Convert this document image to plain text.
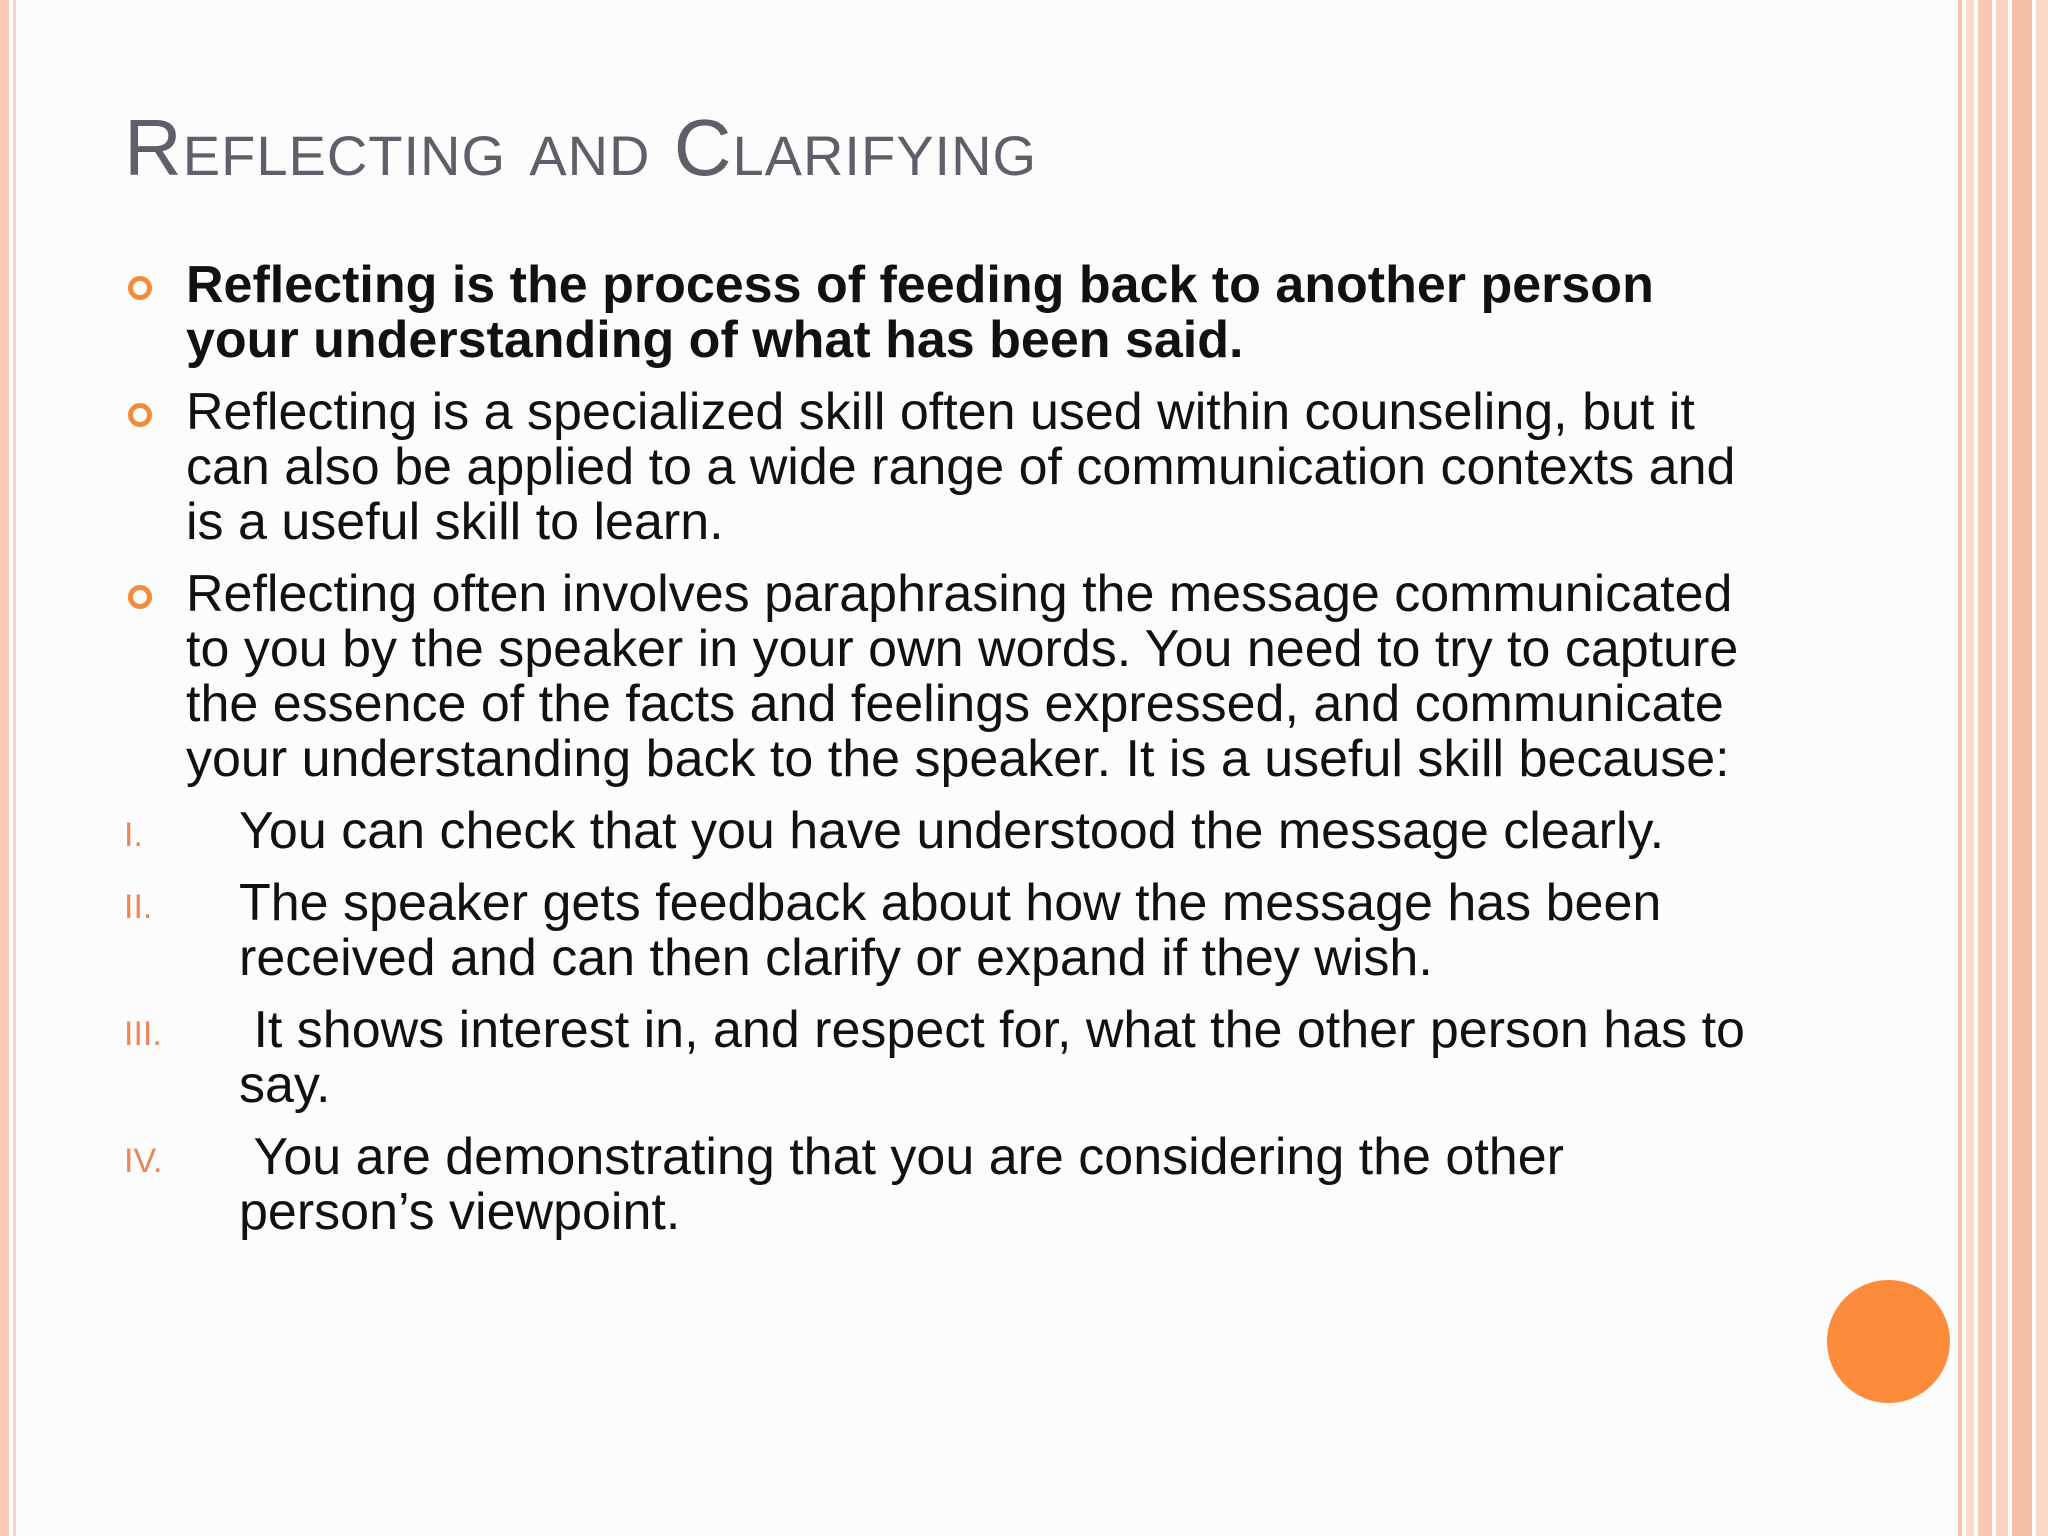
Reflecting and Clarifying
Reflecting is the process of feeding back to another person your understanding of what has been said.
Reflecting is a specialized skill often used within counseling, but it can also be applied to a wide range of communication contexts and is a useful skill to learn.
Reflecting often involves paraphrasing the message communicated to you by the speaker in your own words. You need to try to capture the essence of the facts and feelings expressed, and communicate your understanding back to the speaker. It is a useful skill because:
I. You can check that you have understood the message clearly.
II. The speaker gets feedback about how the message has been received and can then clarify or expand if they wish.
III. It shows interest in, and respect for, what the other person has to say.
IV. You are demonstrating that you are considering the other person’s viewpoint.
